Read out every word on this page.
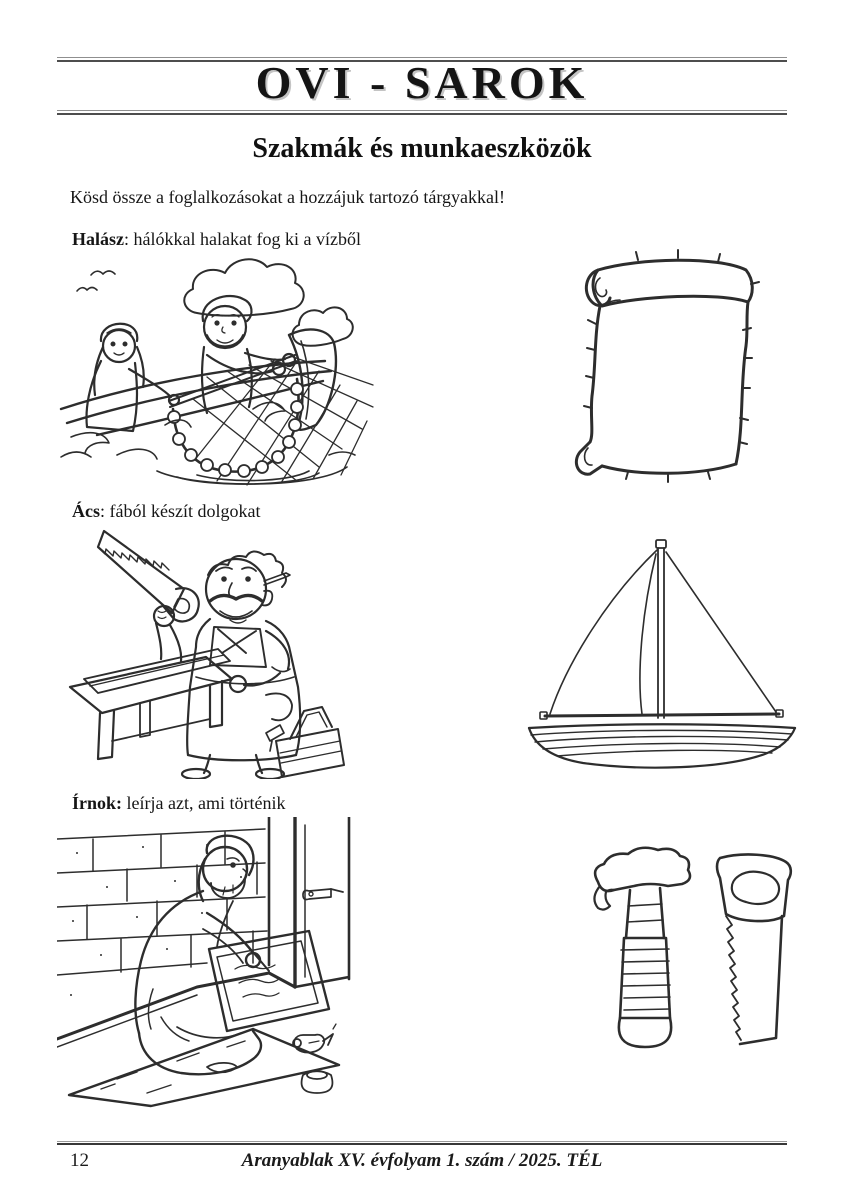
OVI - SAROK
Szakmák és munkaeszközök
Kösd össze a foglalkozásokat a hozzájuk tartozó tárgyakkal!
Halász: hálókkal halakat fog ki a vízből
Ács: fából készít dolgokat
Írnok: leírja azt, ami történik
12	Aranyablak XV. évfolyam 1. szám / 2025. TÉL
